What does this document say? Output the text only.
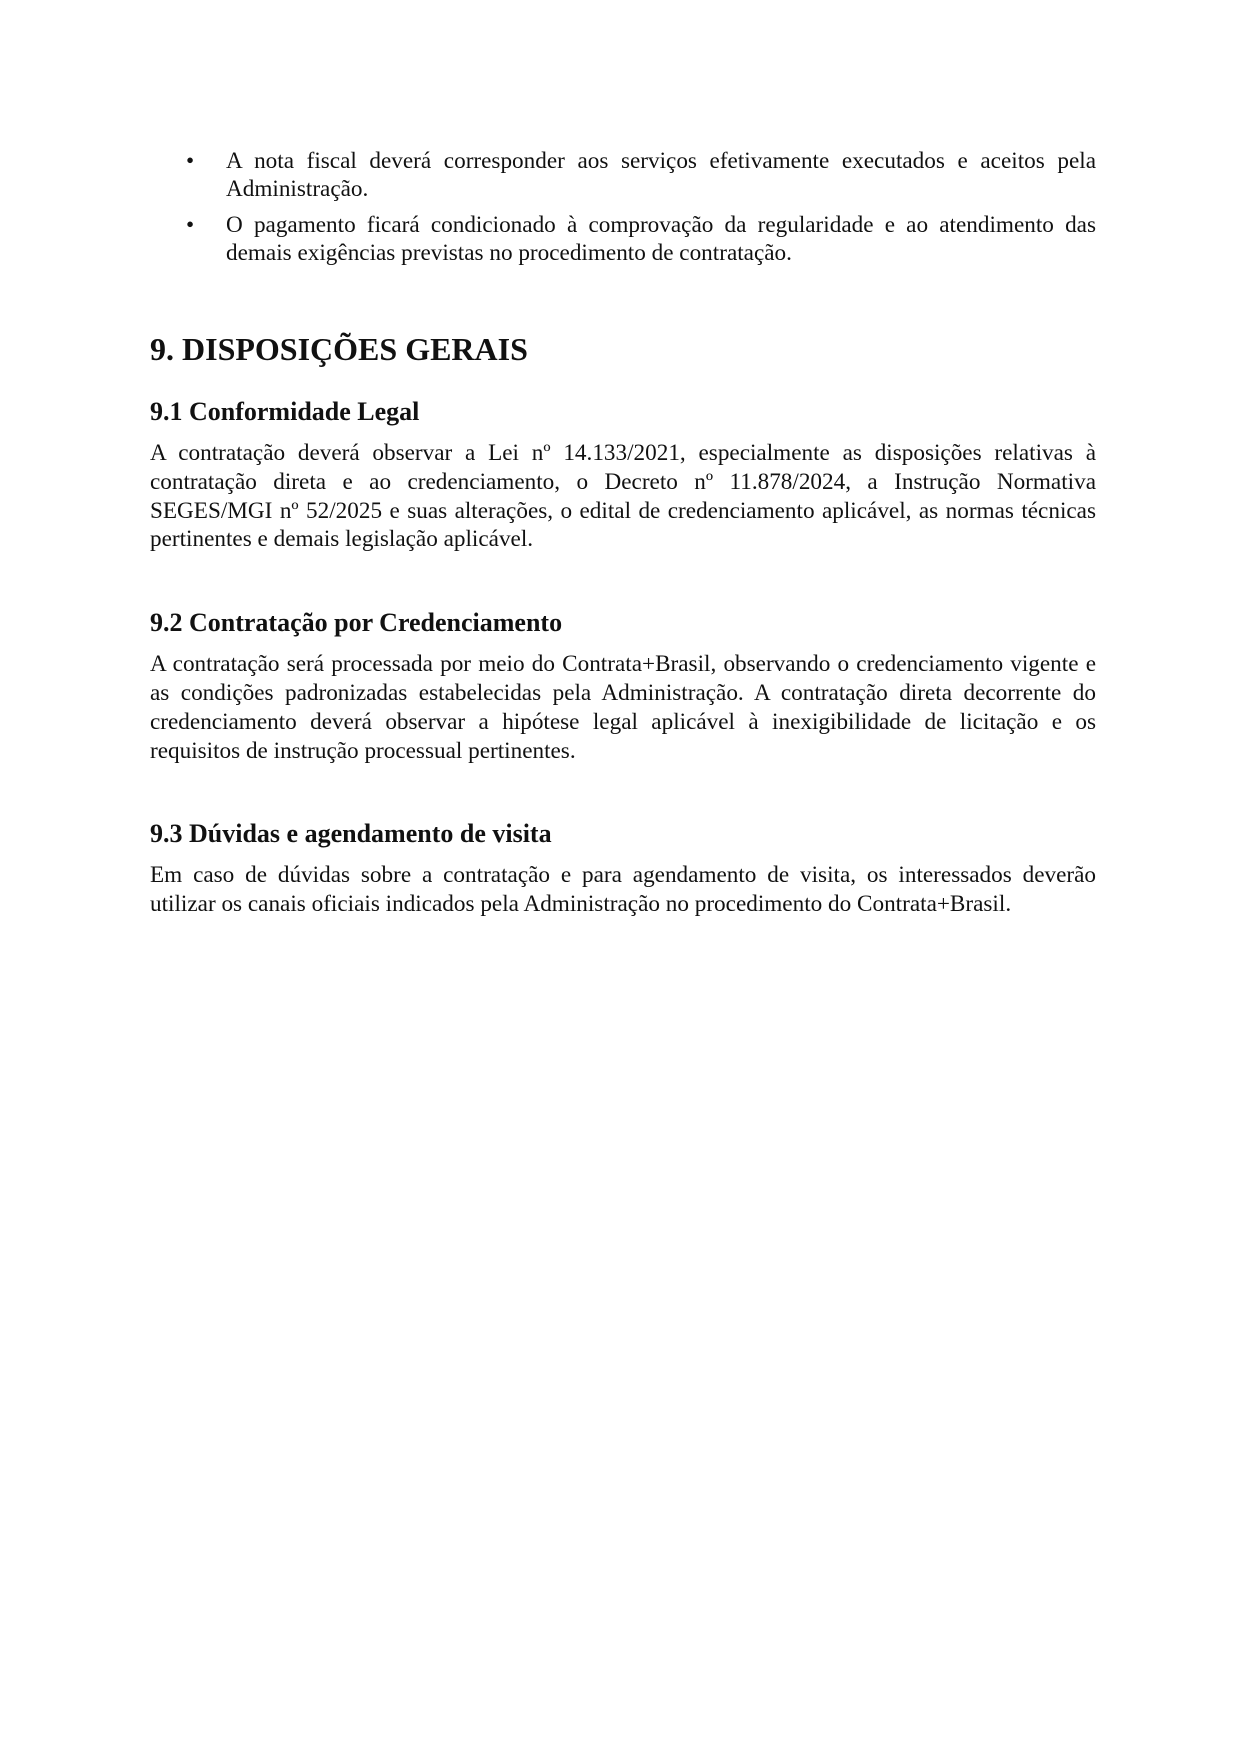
• A nota fiscal deverá corresponder aos serviços efetivamente executados e aceitos pela Administração.
• O pagamento ficará condicionado à comprovação da regularidade e ao atendimento das demais exigências previstas no procedimento de contratação.
9. DISPOSIÇÕES GERAIS
9.1 Conformidade Legal

A contratação deverá observar a Lei nº 14.133/2021, especialmente as disposições relativas à contratação direta e ao credenciamento, o Decreto nº 11.878/2024, a Instrução Normativa SEGES/MGI nº 52/2025 e suas alterações, o edital de credenciamento aplicável, as normas técnicas pertinentes e demais legislação aplicável.

9.2 Contratação por Credenciamento

A contratação será processada por meio do Contrata+Brasil, observando o credenciamento vigente e as condições padronizadas estabelecidas pela Administração. A contratação direta decorrente do credenciamento deverá observar a hipótese legal aplicável à inexigibilidade de licitação e os requisitos de instrução processual pertinentes.

9.3 Dúvidas e agendamento de visita

Em caso de dúvidas sobre a contratação e para agendamento de visita, os interessados deverão utilizar os canais oficiais indicados pela Administração no procedimento do Contrata+Brasil.
